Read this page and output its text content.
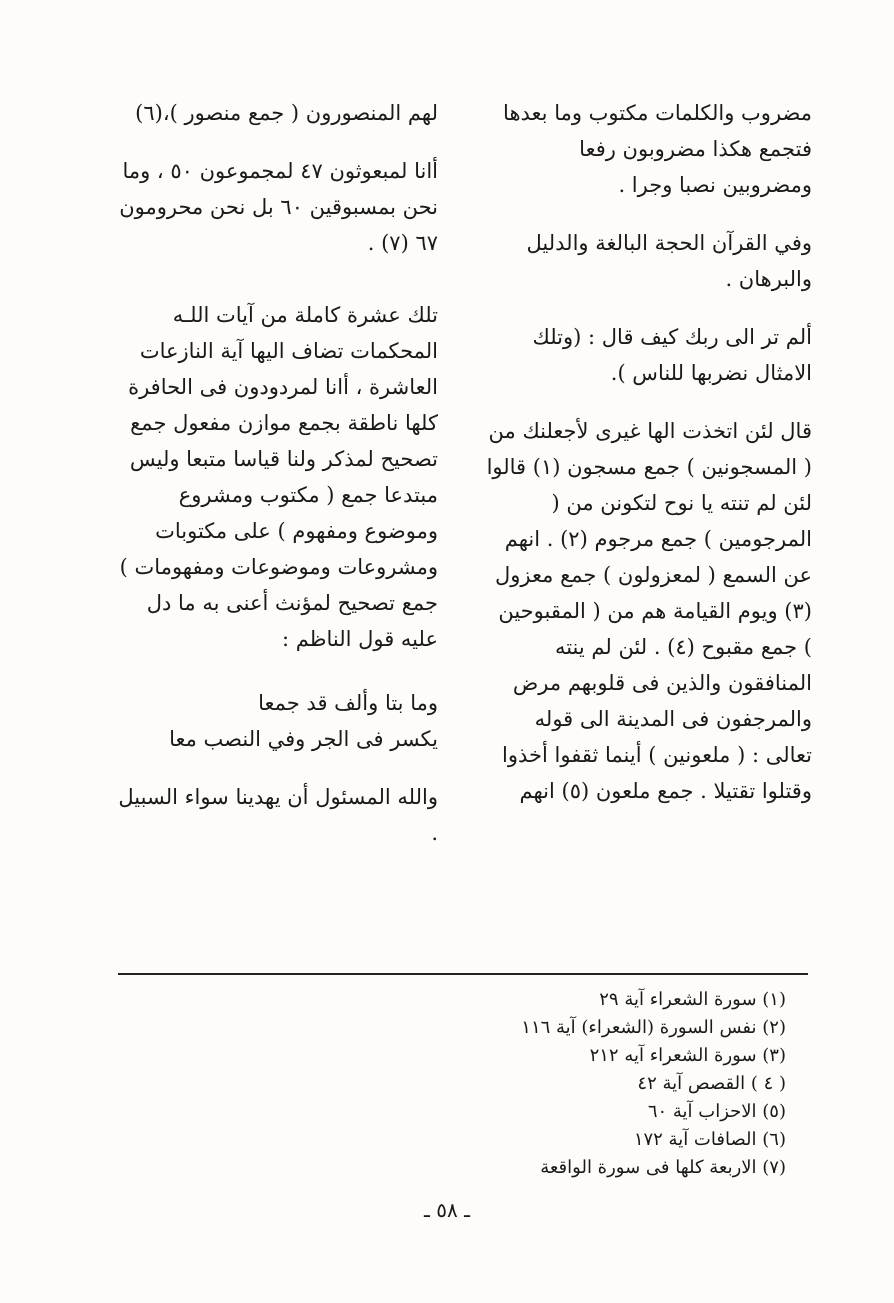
مضروب والكلمات مكتوب وما بعدها فتجمع هكذا مضروبون رفعا ومضروبين نصبا وجرا .

وفي القرآن الحجة البالغة والدليل والبرهان .

ألم تر الى ربك كيف قال : (وتلك الامثال نضربها للناس ).

قال لئن اتخذت الها غيرى لأجعلنك من ( المسجونين ) جمع مسجون (١) قالوا لئن لم تنته يا نوح لتكونن من ( المرجومين ) جمع مرجوم (٢) . انهم عن السمع ( لمعزولون ) جمع معزول (٣) ويوم القيامة هم من ( المقبوحين ) جمع مقبوح (٤) . لئن لم ينته المنافقون والذين فى قلوبهم مرض والمرجفون فى المدينة الى قوله تعالى : ( ملعونين ) أينما ثقفوا أخذوا وقتلوا تقتيلا . جمع ملعون (٥) انهم

لهم المنصورون ( جمع منصور )،(٦)

أانا لمبعوثون ٤٧ لمجموعون ٥٠ ، وما نحن بمسبوقين ٦٠ بل نحن محرومون ٦٧ (٧) .

تلك عشرة كاملة من آيات اللـه المحكمات تضاف اليها آية النازعات العاشرة ، أانا لمردودون فى الحافرة كلها ناطقة بجمع موازن مفعول جمع تصحيح لمذكر ولنا قياسا متبعا وليس مبتدعا جمع ( مكتوب ومشروع وموضوع ومفهوم ) على مكتوبات ومشروعات وموضوعات ومفهومات ) جمع تصحيح لمؤنث أعنى به ما دل عليه قول الناظم :

وما بتا وألف قد جمعا

يكسر فى الجر وفي النصب معا

والله المسئول أن يهدينا سواء السبيل .

(١) سورة الشعراء آية ٢٩
(٢) نفس السورة (الشعراء) آية ١١٦
(٣) سورة الشعراء آيه ٢١٢
( ٤ ) القصص آية ٤٢
(٥) الاحزاب آية ٦٠
(٦) الصافات آية ١٧٢
(٧) الاربعة كلها فى سورة الواقعة
ـ ٥٨ ـ
